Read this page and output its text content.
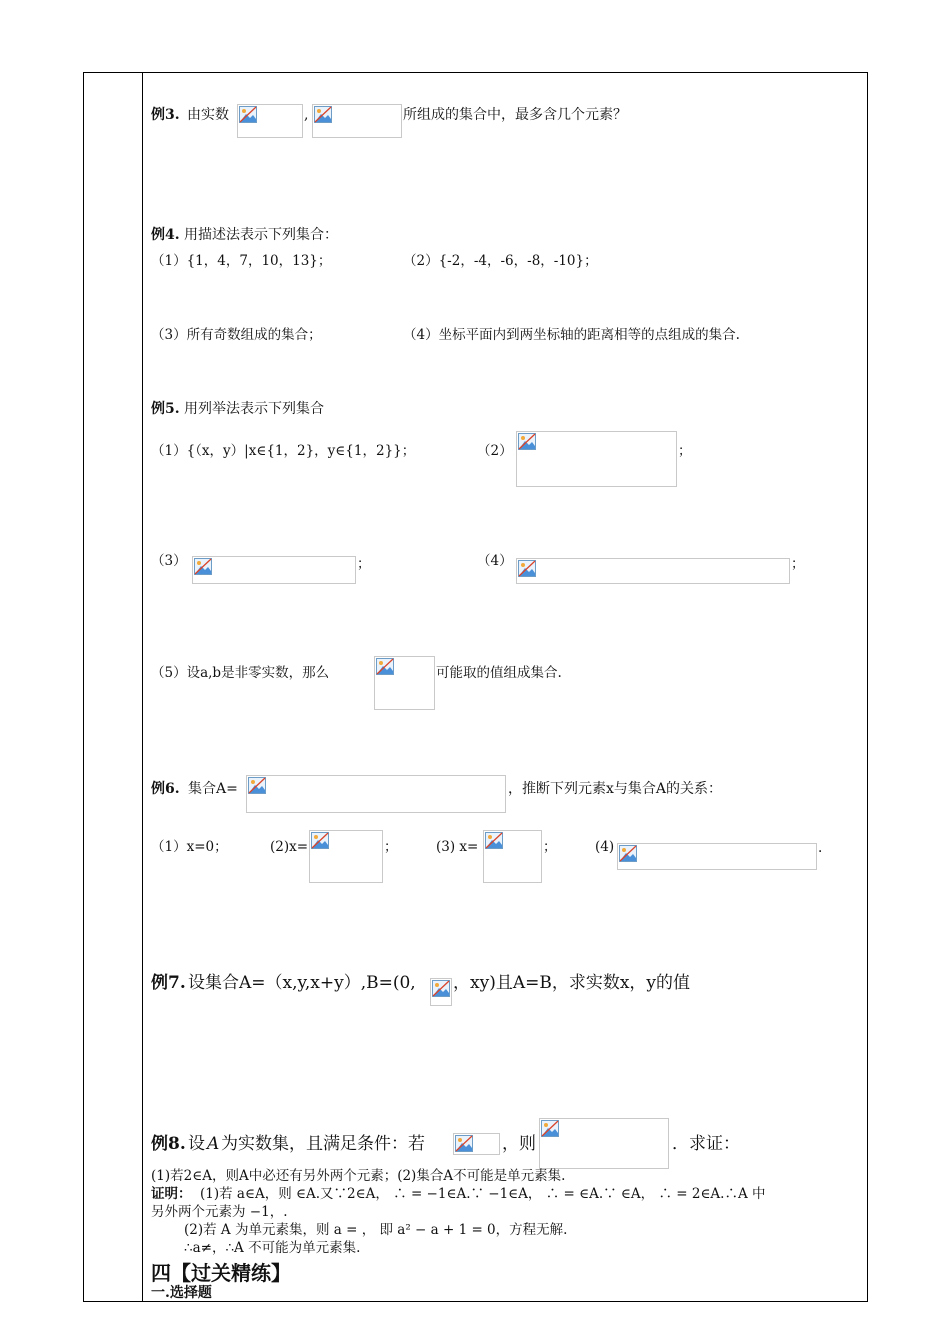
例3. 由实数	,	所组成的集合中，最多含几个元素？
例4. 用描述法表示下列集合：
（1）{1，4，7，10，13}；	（2）{-2，-4，-6，-8，-10}；
（3）所有奇数组成的集合；	（4）坐标平面内到两坐标轴的距离相等的点组成的集合.
例5. 用列举法表示下列集合
（1）{（x，y）|x∈{1，2}，y∈{1，2}}；	（2）	；
（3）	；	（4）	；
（5）设a,b是非零实数，那么	可能取的值组成集合.
例6. 集合A=	，推断下列元素x与集合A的关系：
（1）x=0；	(2)x=	；	(3) x=	；	(4)	.
例7. 设集合A=（x,y,x+y）,B=(0, ，xy)且A=B，求实数x，y的值
例8. 设 A 为实数集，且满足条件：若	，则	．求证：
(1)若2∈A，则A中必还有另外两个元素；(2)集合A不可能是单元素集.
证明： (1)若 a∈A，则 ∈A.又∵2∈A， ∴ = −1∈A.∵ −1∈A， ∴ = ∈A.∵ ∈A， ∴ = 2∈A.∴A 中
另外两个元素为 −1，.
(2)若 A 为单元素集，则 a = ， 即 a² − a + 1 = 0，方程无解.
∴a≠，∴A 不可能为单元素集.
四【过关精练】
一.选择题
